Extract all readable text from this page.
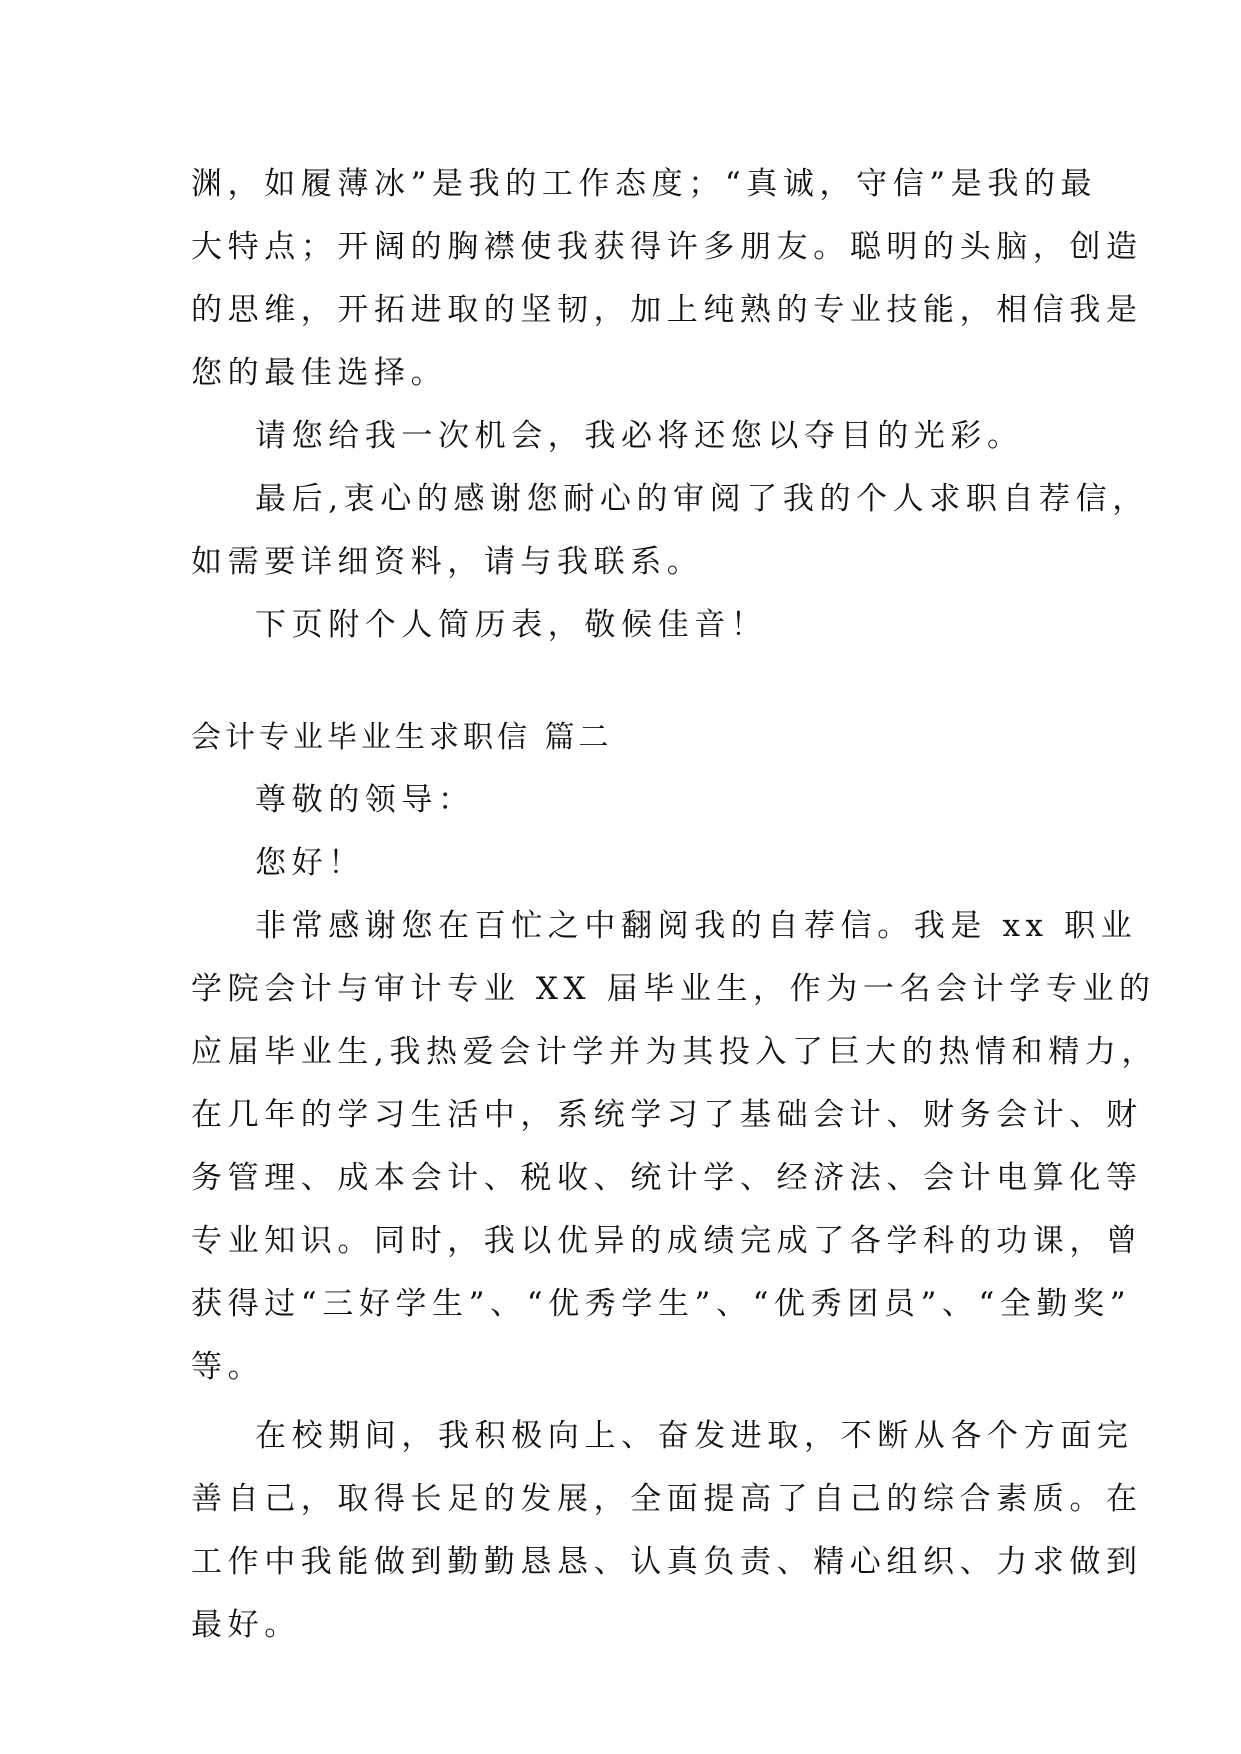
渊，如履薄冰”是我的工作态度；“真诚，守信”是我的最
大特点；开阔的胸襟使我获得许多朋友。聪明的头脑，创造
的思维，开拓进取的坚韧，加上纯熟的专业技能，相信我是
您的最佳选择。

请您给我一次机会，我必将还您以夺目的光彩。

最后,衷心的感谢您耐心的审阅了我的个人求职自荐信，
如需要详细资料，请与我联系。

下页附个人简历表，敬候佳音！

会计专业毕业生求职信 篇二

尊敬的领导：

您好！

非常感谢您在百忙之中翻阅我的自荐信。我是 xx 职业
学院会计与审计专业 XX 届毕业生，作为一名会计学专业的
应届毕业生,我热爱会计学并为其投入了巨大的热情和精力，
在几年的学习生活中，系统学习了基础会计、财务会计、财
务管理、成本会计、税收、统计学、经济法、会计电算化等
专业知识。同时，我以优异的成绩完成了各学科的功课，曾
获得过“三好学生”、“优秀学生”、“优秀团员”、“全勤奖”
等。
在校期间，我积极向上、奋发进取，不断从各个方面完
善自己，取得长足的发展，全面提高了自己的综合素质。在
工作中我能做到勤勤恳恳、认真负责、精心组织、力求做到
最好。
